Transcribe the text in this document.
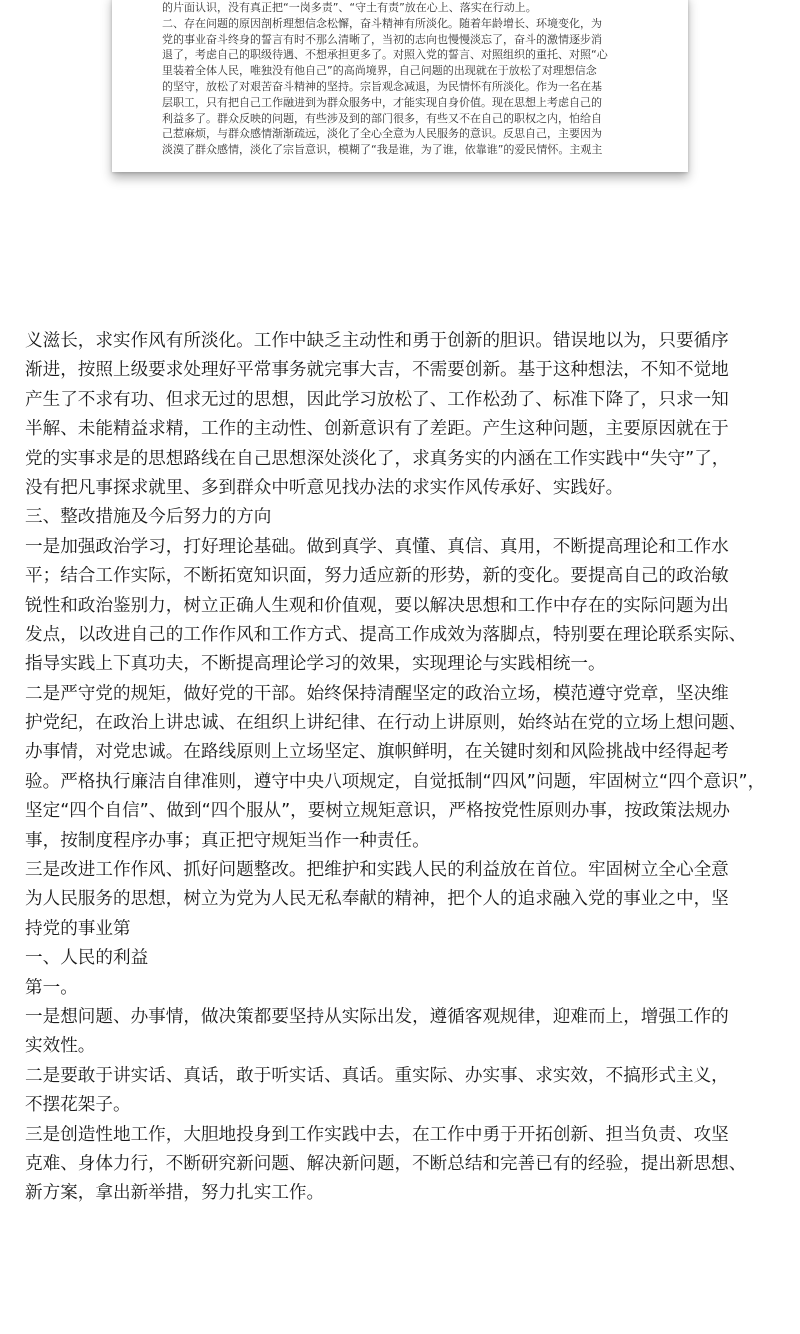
的片面认识，没有真正把“一岗多责”、“守土有责”放在心上、落实在行动上。
二、存在问题的原因剖析理想信念松懈，奋斗精神有所淡化。随着年龄增长、环境变化，为
党的事业奋斗终身的誓言有时不那么清晰了，当初的志向也慢慢淡忘了，奋斗的激情逐步消
退了，考虑自己的职级待遇、不想承担更多了。对照入党的誓言、对照组织的重托、对照“心
里装着全体人民，唯独没有他自己”的高尚境界，自己问题的出现就在于放松了对理想信念
的坚守，放松了对艰苦奋斗精神的坚持。宗旨观念减退，为民情怀有所淡化。作为一名在基
层职工，只有把自己工作融进到为群众服务中，才能实现自身价值。现在思想上考虑自己的
利益多了。群众反映的问题，有些涉及到的部门很多，有些又不在自己的职权之内，怕给自
己惹麻烦，与群众感情渐渐疏远，淡化了全心全意为人民服务的意识。反思自己，主要因为
淡漠了群众感情，淡化了宗旨意识，模糊了“我是谁，为了谁，依靠谁”的爱民情怀。主观主
义滋长，求实作风有所淡化。工作中缺乏主动性和勇于创新的胆识。错误地以为，只要循序
渐进，按照上级要求处理好平常事务就完事大吉，不需要创新。基于这种想法，不知不觉地
产生了不求有功、但求无过的思想，因此学习放松了、工作松劲了、标准下降了，只求一知
半解、未能精益求精，工作的主动性、创新意识有了差距。产生这种问题，主要原因就在于
党的实事求是的思想路线在自己思想深处淡化了，求真务实的内涵在工作实践中“失守”了，
没有把凡事探求就里、多到群众中听意见找办法的求实作风传承好、实践好。
三、整改措施及今后努力的方向
一是加强政治学习，打好理论基础。做到真学、真懂、真信、真用，不断提高理论和工作水
平；结合工作实际，不断拓宽知识面，努力适应新的形势，新的变化。要提高自己的政治敏
锐性和政治鉴别力，树立正确人生观和价值观，要以解决思想和工作中存在的实际问题为出
发点，以改进自己的工作作风和工作方式、提高工作成效为落脚点，特别要在理论联系实际、
指导实践上下真功夫，不断提高理论学习的效果，实现理论与实践相统一。
二是严守党的规矩，做好党的干部。始终保持清醒坚定的政治立场，模范遵守党章，坚决维
护党纪，在政治上讲忠诚、在组织上讲纪律、在行动上讲原则，始终站在党的立场上想问题、
办事情，对党忠诚。在路线原则上立场坚定、旗帜鲜明，在关键时刻和风险挑战中经得起考
验。严格执行廉洁自律准则，遵守中央八项规定，自觉抵制“四风”问题，牢固树立“四个意识”，
坚定“四个自信”、做到“四个服从”，要树立规矩意识，严格按党性原则办事，按政策法规办
事，按制度程序办事；真正把守规矩当作一种责任。
三是改进工作作风、抓好问题整改。把维护和实践人民的利益放在首位。牢固树立全心全意
为人民服务的思想，树立为党为人民无私奉献的精神，把个人的追求融入党的事业之中，坚
持党的事业第
一、人民的利益
第一。
一是想问题、办事情，做决策都要坚持从实际出发，遵循客观规律，迎难而上，增强工作的
实效性。
二是要敢于讲实话、真话，敢于听实话、真话。重实际、办实事、求实效，不搞形式主义，
不摆花架子。
三是创造性地工作，大胆地投身到工作实践中去，在工作中勇于开拓创新、担当负责、攻坚
克难、身体力行，不断研究新问题、解决新问题，不断总结和完善已有的经验，提出新思想、
新方案，拿出新举措，努力扎实工作。
